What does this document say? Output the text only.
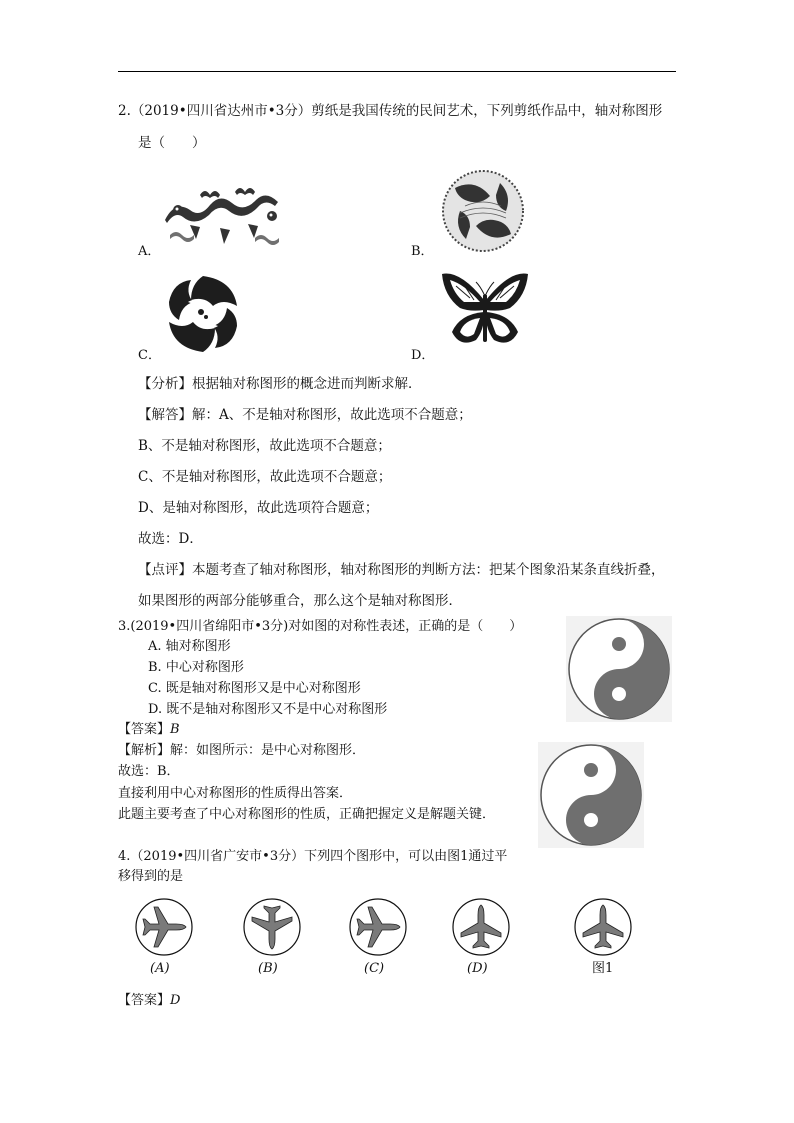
2.（2019•四川省达州市•3分）剪纸是我国传统的民间艺术，下列剪纸作品中，轴对称图形
是（　　）
A．	B．
C．	D．
【分析】根据轴对称图形的概念进而判断求解．
【解答】解：A、不是轴对称图形，故此选项不合题意；
B、不是轴对称图形，故此选项不合题意；
C、不是轴对称图形，故此选项不合题意；
D、是轴对称图形，故此选项符合题意；
故选：D．
【点评】本题考查了轴对称图形，轴对称图形的判断方法：把某个图象沿某条直线折叠，
如果图形的两部分能够重合，那么这个是轴对称图形．
3.(2019•四川省绵阳市•3分)对如图的对称性表述，正确的是（　　）
A. 轴对称图形
B. 中心对称图形
C. 既是轴对称图形又是中心对称图形
D. 既不是轴对称图形又不是中心对称图形
【答案】B
【解析】解：如图所示：是中心对称图形．
故选：B．
直接利用中心对称图形的性质得出答案．
此题主要考查了中心对称图形的性质，正确把握定义是解题关键．
4.（2019•四川省广安市•3分）下列四个图形中，可以由图1通过平
移得到的是
(A)	(B)	(C)	(D)	图1
【答案】D
